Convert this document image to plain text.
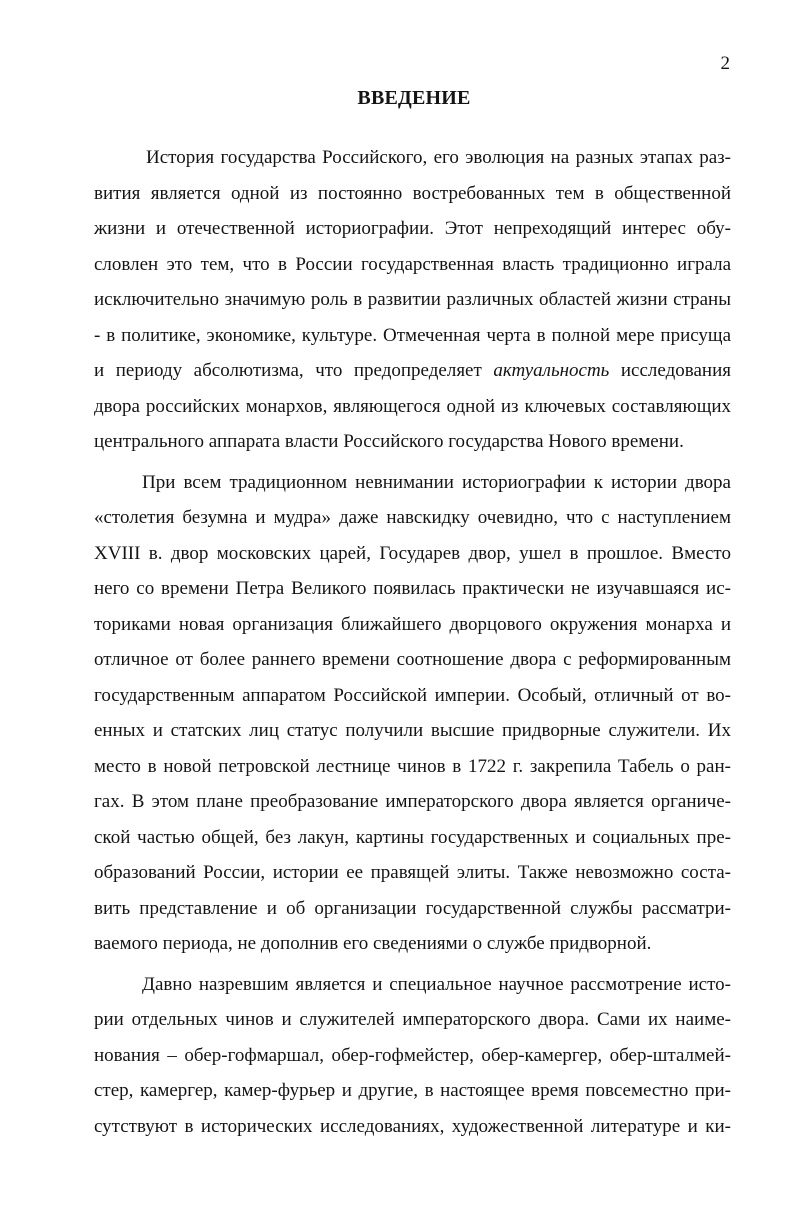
2
ВВЕДЕНИЕ
История государства Российского, его эволюция на разных этапах раз-
вития является одной из постоянно востребованных тем в общественной
жизни и отечественной историографии. Этот непреходящий интерес обу-
словлен это тем, что в России государственная власть традиционно играла
исключительно значимую роль в развитии различных областей жизни страны
- в политике, экономике, культуре. Отмеченная черта в полной мере присуща
и периоду абсолютизма, что предопределяет актуальность исследования
двора российских монархов, являющегося одной из ключевых составляющих
центрального аппарата власти Российского государства Нового времени.
При всем традиционном невнимании историографии к истории двора
«столетия безумна и мудра» даже навскидку очевидно, что с наступлением
XVIII в. двор московских царей, Государев двор, ушел в прошлое. Вместо
него со времени Петра Великого появилась практически не изучавшаяся ис-
ториками новая организация ближайшего дворцового окружения монарха и
отличное от более раннего времени соотношение двора с реформированным
государственным аппаратом Российской империи. Особый, отличный от во-
енных и статских лиц статус получили высшие придворные служители. Их
место в новой петровской лестнице чинов в 1722 г. закрепила Табель о ран-
гах. В этом плане преобразование императорского двора является органиче-
ской частью общей, без лакун, картины государственных и социальных пре-
образований России, истории ее правящей элиты. Также невозможно соста-
вить представление и об организации государственной службы рассматри-
ваемого периода, не дополнив его сведениями о службе придворной.
Давно назревшим является и специальное научное рассмотрение исто-
рии отдельных чинов и служителей императорского двора. Сами их наиме-
нования – обер-гофмаршал, обер-гофмейстер, обер-камергер, обер-шталмей-
стер, камергер, камер-фурьер и другие, в настоящее время повсеместно при-
сутствуют в исторических исследованиях, художественной литературе и ки-
